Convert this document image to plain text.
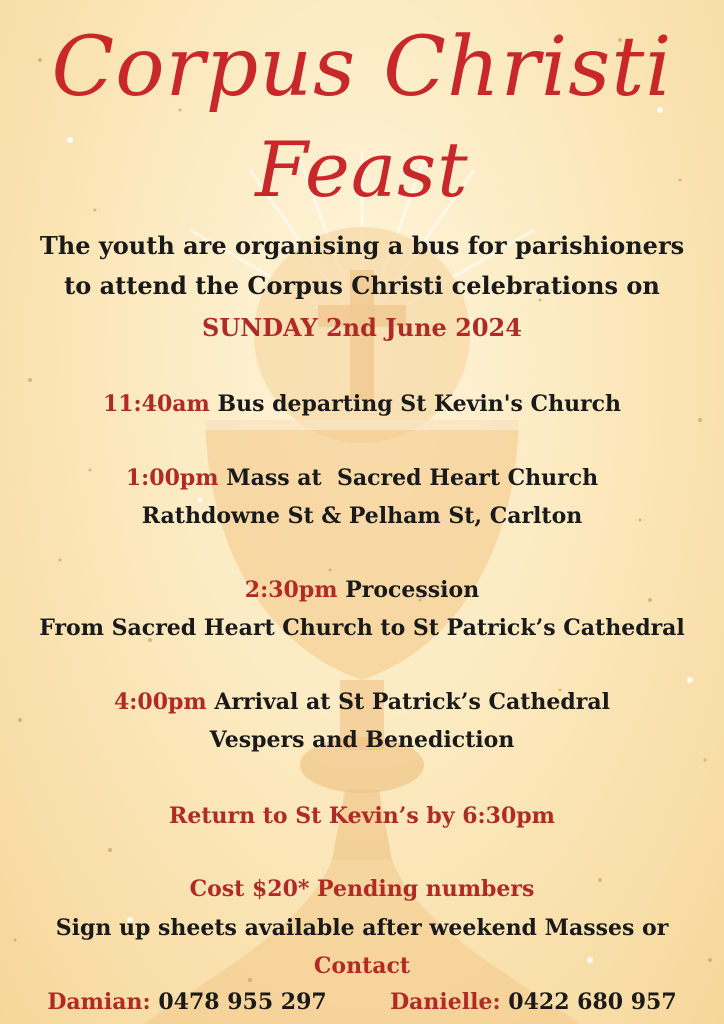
Corpus Christi
Feast
The youth are organising a bus for parishioners
to attend the Corpus Christi celebrations on
SUNDAY 2nd June 2024
11:40am Bus departing St Kevin's Church
1:00pm Mass at  Sacred Heart Church
Rathdowne St & Pelham St, Carlton
2:30pm Procession
From Sacred Heart Church to St Patrick’s Cathedral
4:00pm Arrival at St Patrick’s Cathedral
Vespers and Benediction
Return to St Kevin’s by 6:30pm
Cost $20* Pending numbers
Sign up sheets available after weekend Masses or
Contact
Damian: 0478 955 297	Danielle: 0422 680 957
